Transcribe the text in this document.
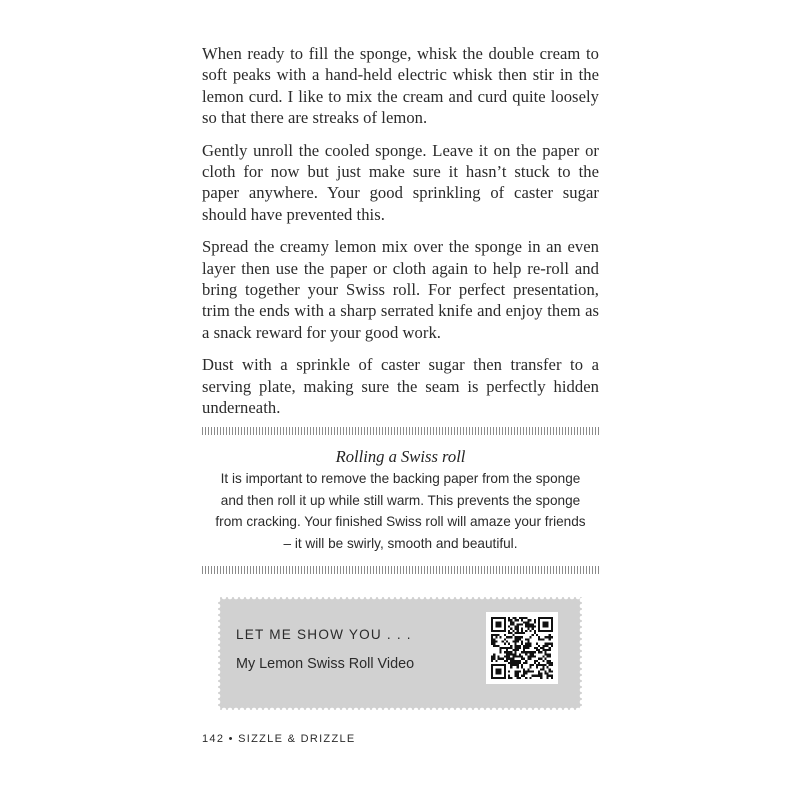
When ready to fill the sponge, whisk the double cream to soft peaks with a hand-held electric whisk then stir in the lemon curd. I like to mix the cream and curd quite loosely so that there are streaks of lemon.

Gently unroll the cooled sponge. Leave it on the paper or cloth for now but just make sure it hasn’t stuck to the paper anywhere. Your good sprinkling of caster sugar should have prevented this.

Spread the creamy lemon mix over the sponge in an even layer then use the paper or cloth again to help re-roll and bring together your Swiss roll. For perfect presentation, trim the ends with a sharp serrated knife and enjoy them as a snack reward for your good work.

Dust with a sprinkle of caster sugar then transfer to a serving plate, making sure the seam is perfectly hidden underneath.

Rolling a Swiss roll
It is important to remove the backing paper from the sponge and then roll it up while still warm. This prevents the sponge from cracking. Your finished Swiss roll will amaze your friends – it will be swirly, smooth and beautiful.
LET ME SHOW YOU . . .
My Lemon Swiss Roll Video
142 • SIZZLE & DRIZZLE
